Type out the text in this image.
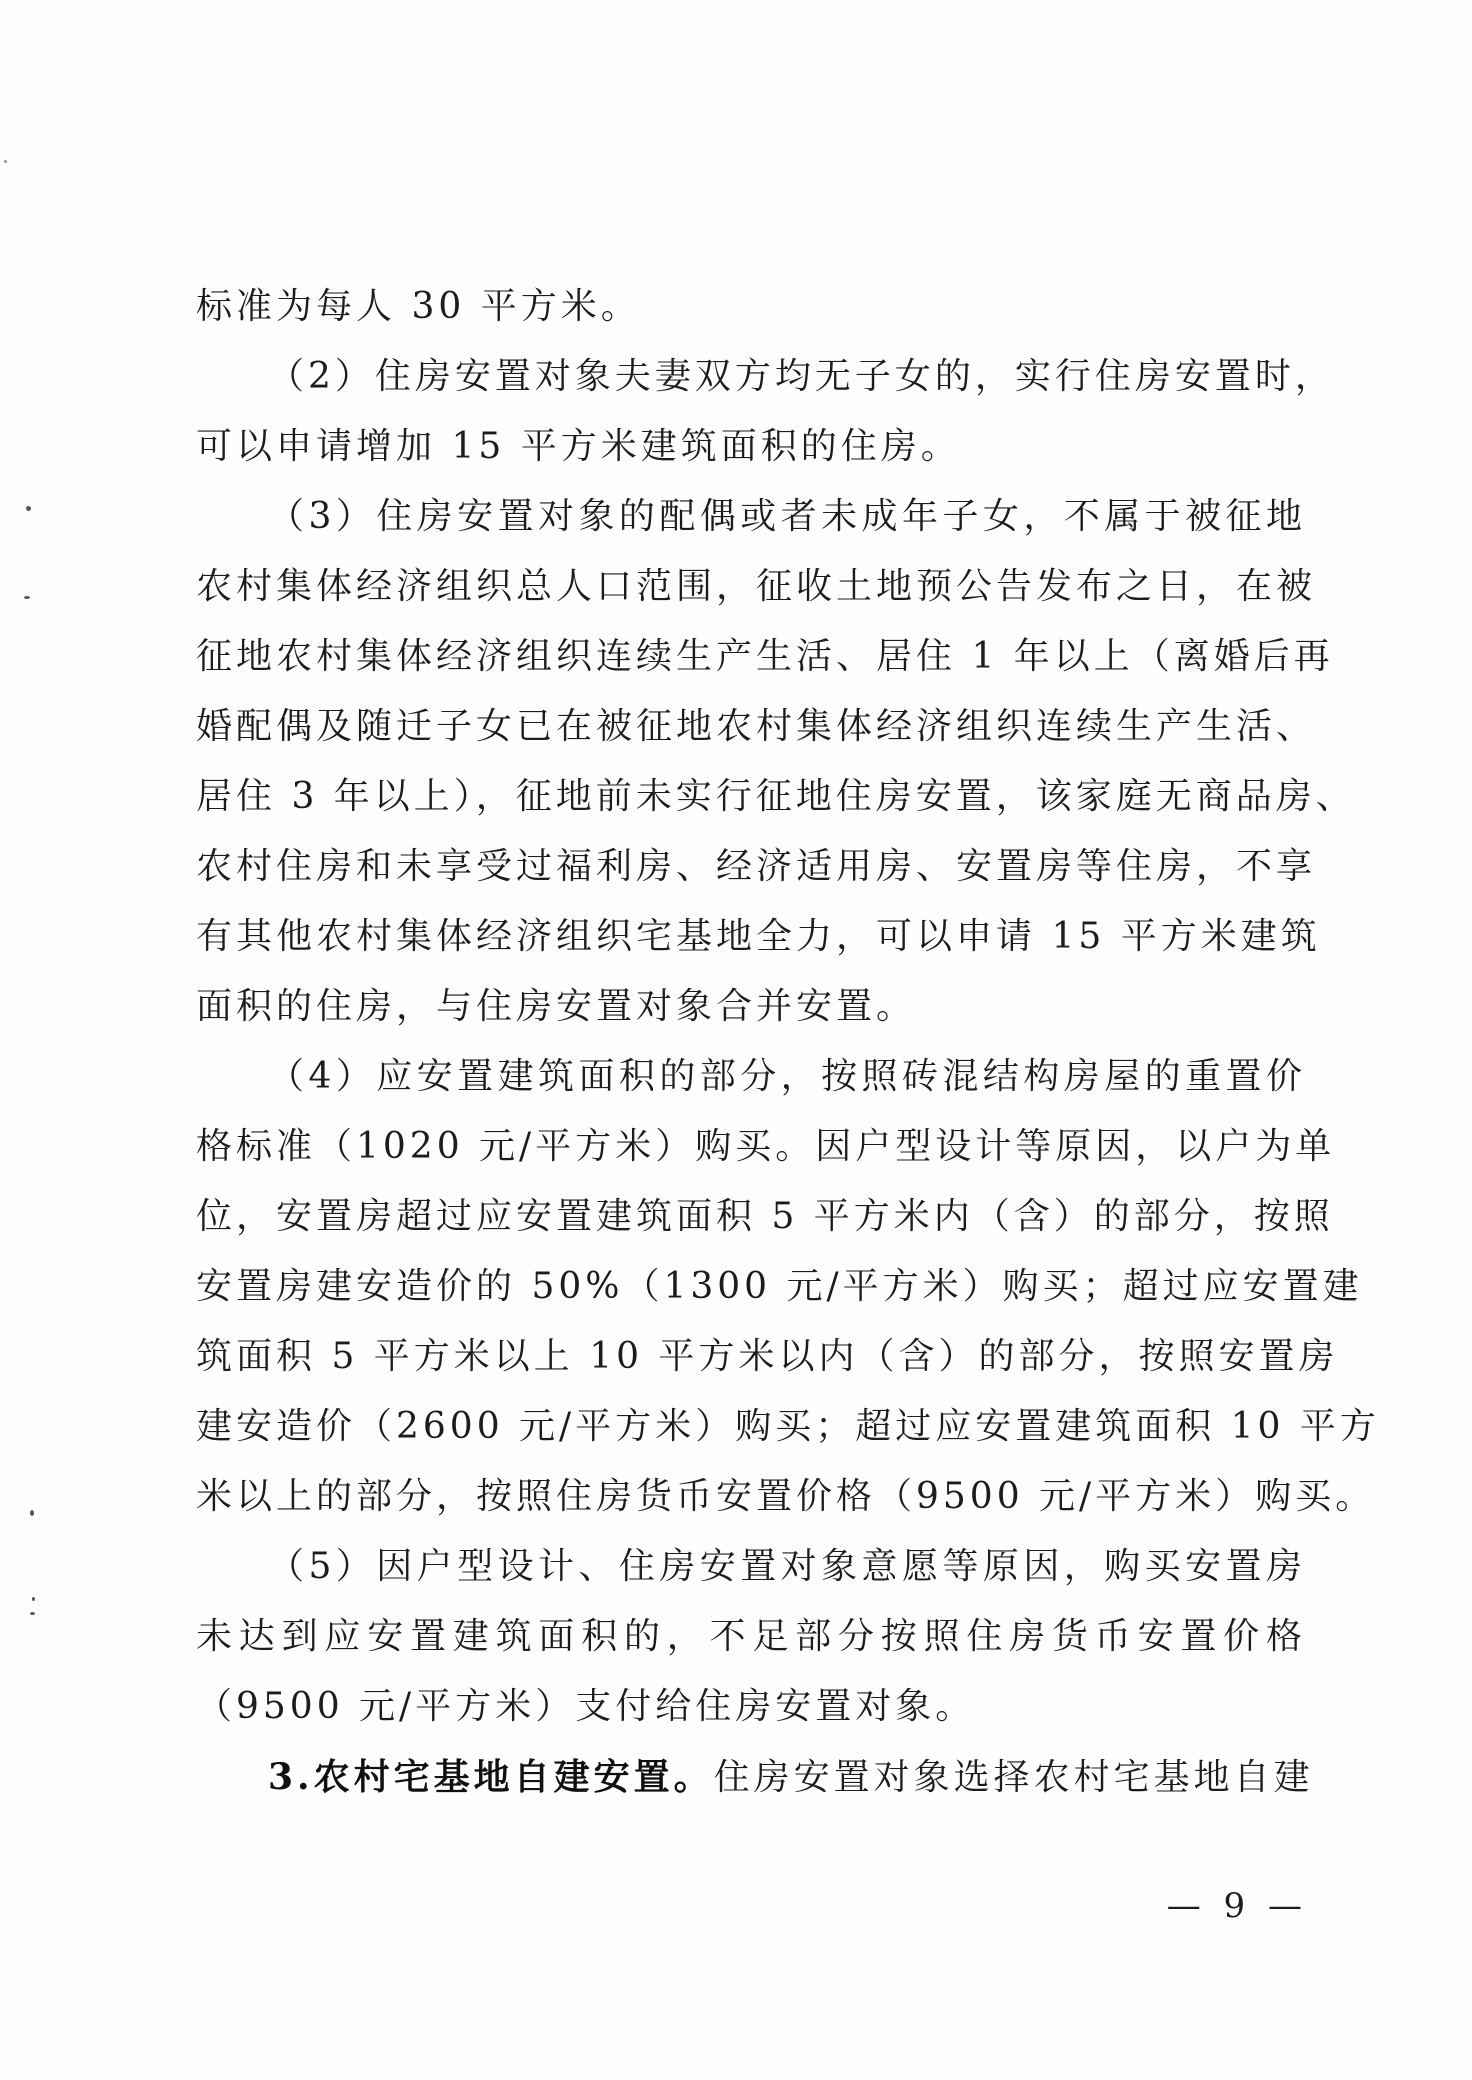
标准为每人 30 平方米。
（2）住房安置对象夫妻双方均无子女的，实行住房安置时，
可以申请增加 15 平方米建筑面积的住房。
（3）住房安置对象的配偶或者未成年子女，不属于被征地
农村集体经济组织总人口范围，征收土地预公告发布之日，在被
征地农村集体经济组织连续生产生活、居住 1 年以上（离婚后再
婚配偶及随迁子女已在被征地农村集体经济组织连续生产生活、
居住 3 年以上），征地前未实行征地住房安置，该家庭无商品房、
农村住房和未享受过福利房、经济适用房、安置房等住房，不享
有其他农村集体经济组织宅基地全力，可以申请 15 平方米建筑
面积的住房，与住房安置对象合并安置。
（4）应安置建筑面积的部分，按照砖混结构房屋的重置价
格标准（1020 元/平方米）购买。因户型设计等原因，以户为单
位，安置房超过应安置建筑面积 5 平方米内（含）的部分，按照
安置房建安造价的 50%（1300 元/平方米）购买；超过应安置建
筑面积 5 平方米以上 10 平方米以内（含）的部分，按照安置房
建安造价（2600 元/平方米）购买；超过应安置建筑面积 10 平方
米以上的部分，按照住房货币安置价格（9500 元/平方米）购买。
（5）因户型设计、住房安置对象意愿等原因，购买安置房
未达到应安置建筑面积的，不足部分按照住房货币安置价格
（9500 元/平方米）支付给住房安置对象。
3.农村宅基地自建安置。住房安置对象选择农村宅基地自建
— 9 —
